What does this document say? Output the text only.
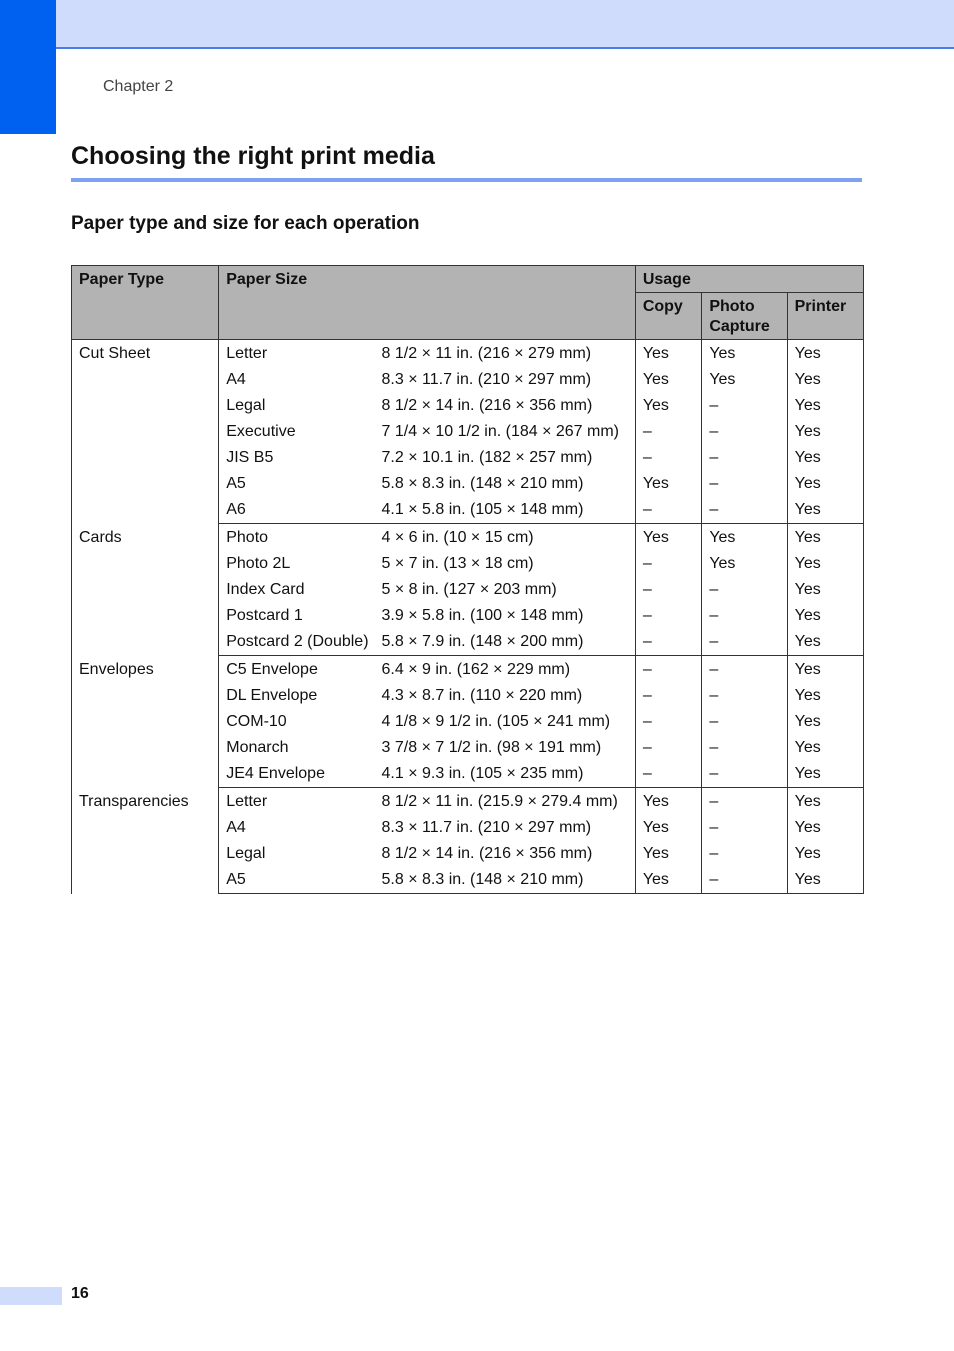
Chapter 2
Choosing the right print media
Paper type and size for each operation
Paper Type	Paper Size		Usage		
			Copy	Photo Capture	Printer
Cut Sheet	Letter	8 1/2 × 11 in. (216 × 279 mm)	Yes	Yes	Yes
	A4	8.3 × 11.7 in. (210 × 297 mm)	Yes	Yes	Yes
	Legal	8 1/2 × 14 in. (216 × 356 mm)	Yes	–	Yes
	Executive	7 1/4 × 10 1/2 in. (184 × 267 mm)	–	–	Yes
	JIS B5	7.2 × 10.1 in. (182 × 257 mm)	–	–	Yes
	A5	5.8 × 8.3 in. (148 × 210 mm)	Yes	–	Yes
	A6	4.1 × 5.8 in. (105 × 148 mm)	–	–	Yes
Cards	Photo	4 × 6 in. (10 × 15 cm)	Yes	Yes	Yes
	Photo 2L	5 × 7 in. (13 × 18 cm)	–	Yes	Yes
	Index Card	5 × 8 in. (127 × 203 mm)	–	–	Yes
	Postcard 1	3.9 × 5.8 in. (100 × 148 mm)	–	–	Yes
	Postcard 2 (Double)	5.8 × 7.9 in. (148 × 200 mm)	–	–	Yes
Envelopes	C5 Envelope	6.4 × 9 in. (162 × 229 mm)	–	–	Yes
	DL Envelope	4.3 × 8.7 in. (110 × 220 mm)	–	–	Yes
	COM-10	4 1/8 × 9 1/2 in. (105 × 241 mm)	–	–	Yes
	Monarch	3 7/8 × 7 1/2 in. (98 × 191 mm)	–	–	Yes
	JE4 Envelope	4.1 × 9.3 in. (105 × 235 mm)	–	–	Yes
Transparencies	Letter	8 1/2 × 11 in. (215.9 × 279.4 mm)	Yes	–	Yes
	A4	8.3 × 11.7 in. (210 × 297 mm)	Yes	–	Yes
	Legal	8 1/2 × 14 in. (216 × 356 mm)	Yes	–	Yes
	A5	5.8 × 8.3 in. (148 × 210 mm)	Yes	–	Yes
16
